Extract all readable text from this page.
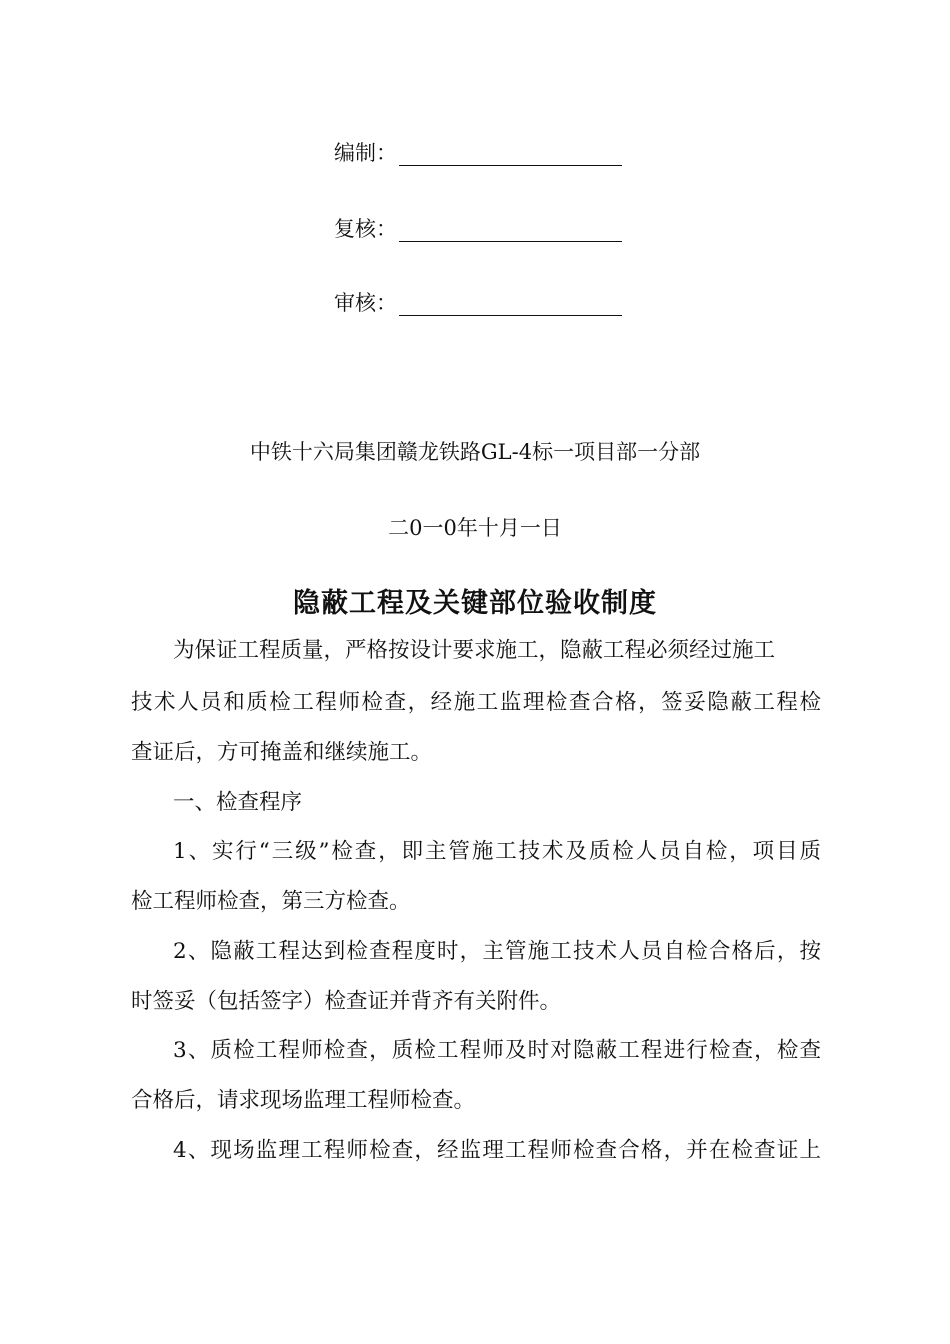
编制：
复核：
审核：
中铁十六局集团赣龙铁路GL-4标一项目部一分部
二0一0年十月一日
隐蔽工程及关键部位验收制度
为保证工程质量，严格按设计要求施工，隐蔽工程必须经过施工
技术人员和质检工程师检查，经施工监理检查合格，签妥隐蔽工程检
查证后，方可掩盖和继续施工。
一、检查程序
1、实行“三级”检查，即主管施工技术及质检人员自检，项目质
检工程师检查，第三方检查。
2、隐蔽工程达到检查程度时，主管施工技术人员自检合格后，按
时签妥（包括签字）检查证并背齐有关附件。
3、质检工程师检查，质检工程师及时对隐蔽工程进行检查，检查
合格后，请求现场监理工程师检查。
4、现场监理工程师检查，经监理工程师检查合格，并在检查证上
